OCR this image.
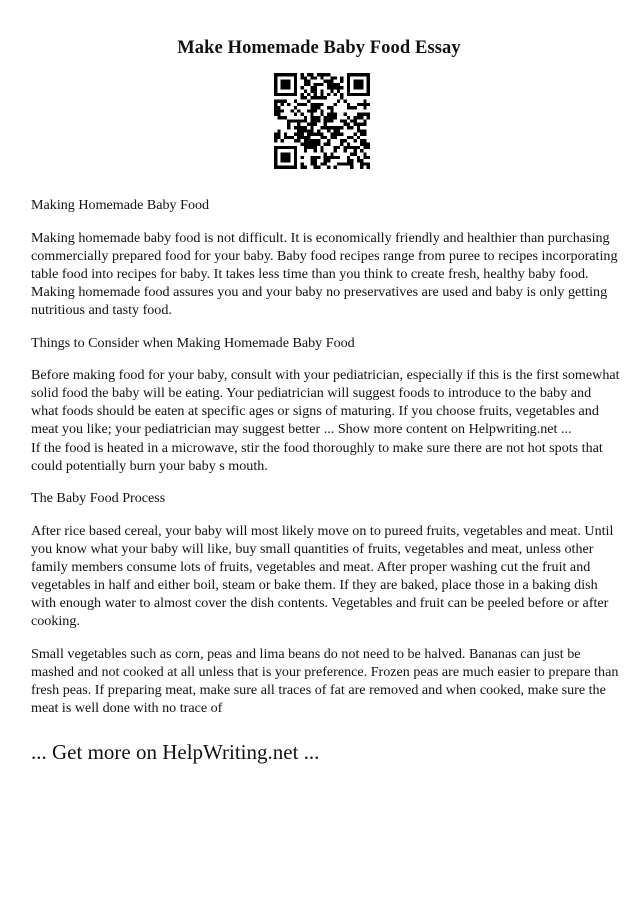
Make Homemade Baby Food Essay

Making Homemade Baby Food

Making homemade baby food is not difficult. It is economically friendly and healthier than purchasing commercially prepared food for your baby. Baby food recipes range from puree to recipes incorporating table food into recipes for baby. It takes less time than you think to create fresh, healthy baby food. Making homemade food assures you and your baby no preservatives are used and baby is only getting nutritious and tasty food.

Things to Consider when Making Homemade Baby Food

Before making food for your baby, consult with your pediatrician, especially if this is the first somewhat solid food the baby will be eating. Your pediatrician will suggest foods to introduce to the baby and what foods should be eaten at specific ages or signs of maturing. If you choose fruits, vegetables and meat you like; your pediatrician may suggest better ... Show more content on Helpwriting.net ...

If the food is heated in a microwave, stir the food thoroughly to make sure there are not hot spots that could potentially burn your baby s mouth.

The Baby Food Process

After rice based cereal, your baby will most likely move on to pureed fruits, vegetables and meat. Until you know what your baby will like, buy small quantities of fruits, vegetables and meat, unless other family members consume lots of fruits, vegetables and meat. After proper washing cut the fruit and vegetables in half and either boil, steam or bake them. If they are baked, place those in a baking dish with enough water to almost cover the dish contents. Vegetables and fruit can be peeled before or after cooking.

Small vegetables such as corn, peas and lima beans do not need to be halved. Bananas can just be mashed and not cooked at all unless that is your preference. Frozen peas are much easier to prepare than fresh peas. If preparing meat, make sure all traces of fat are removed and when cooked, make sure the meat is well done with no trace of

... Get more on HelpWriting.net ...
